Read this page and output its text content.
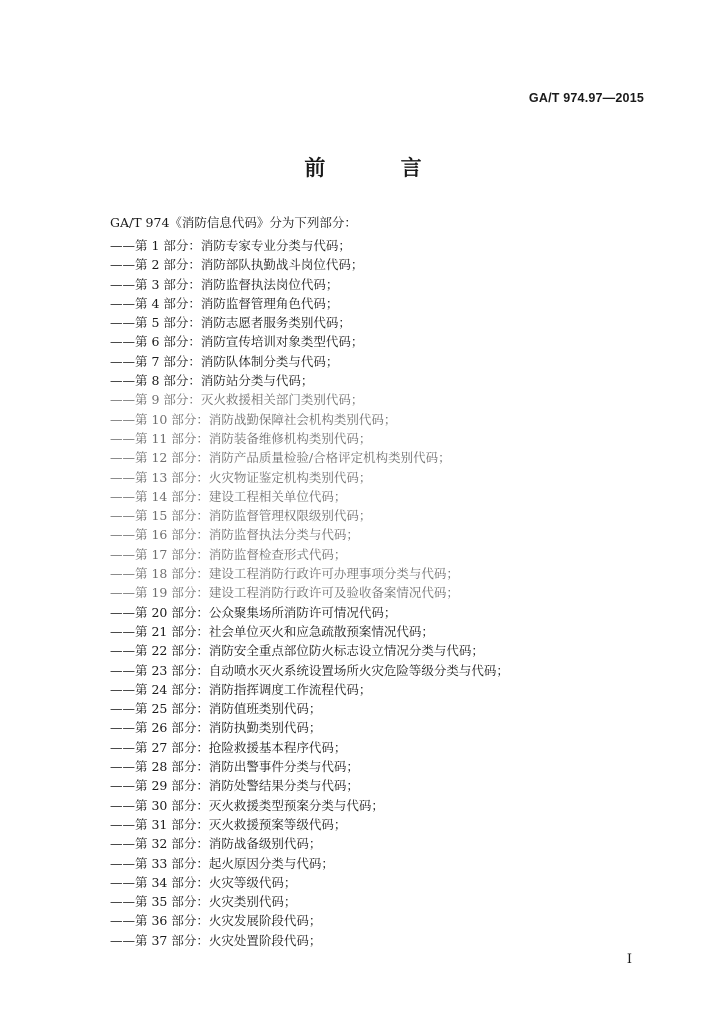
GA/T 974.97—2015
前 言
GA/T 974《消防信息代码》分为下列部分：
——第 1 部分：消防专家专业分类与代码；
——第 2 部分：消防部队执勤战斗岗位代码；
——第 3 部分：消防监督执法岗位代码；
——第 4 部分：消防监督管理角色代码；
——第 5 部分：消防志愿者服务类别代码；
——第 6 部分：消防宣传培训对象类型代码；
——第 7 部分：消防队体制分类与代码；
——第 8 部分：消防站分类与代码；
——第 9 部分：灭火救援相关部门类别代码；
——第 10 部分：消防战勤保障社会机构类别代码；
——第 11 部分：消防装备维修机构类别代码；
——第 12 部分：消防产品质量检验/合格评定机构类别代码；
——第 13 部分：火灾物证鉴定机构类别代码；
——第 14 部分：建设工程相关单位代码；
——第 15 部分：消防监督管理权限级别代码；
——第 16 部分：消防监督执法分类与代码；
——第 17 部分：消防监督检查形式代码；
——第 18 部分：建设工程消防行政许可办理事项分类与代码；
——第 19 部分：建设工程消防行政许可及验收备案情况代码；
——第 20 部分：公众聚集场所消防许可情况代码；
——第 21 部分：社会单位灭火和应急疏散预案情况代码；
——第 22 部分：消防安全重点部位防火标志设立情况分类与代码；
——第 23 部分：自动喷水灭火系统设置场所火灾危险等级分类与代码；
——第 24 部分：消防指挥调度工作流程代码；
——第 25 部分：消防值班类别代码；
——第 26 部分：消防执勤类别代码；
——第 27 部分：抢险救援基本程序代码；
——第 28 部分：消防出警事件分类与代码；
——第 29 部分：消防处警结果分类与代码；
——第 30 部分：灭火救援类型预案分类与代码；
——第 31 部分：灭火救援预案等级代码；
——第 32 部分：消防战备级别代码；
——第 33 部分：起火原因分类与代码；
——第 34 部分：火灾等级代码；
——第 35 部分：火灾类别代码；
——第 36 部分：火灾发展阶段代码；
——第 37 部分：火灾处置阶段代码；
I
